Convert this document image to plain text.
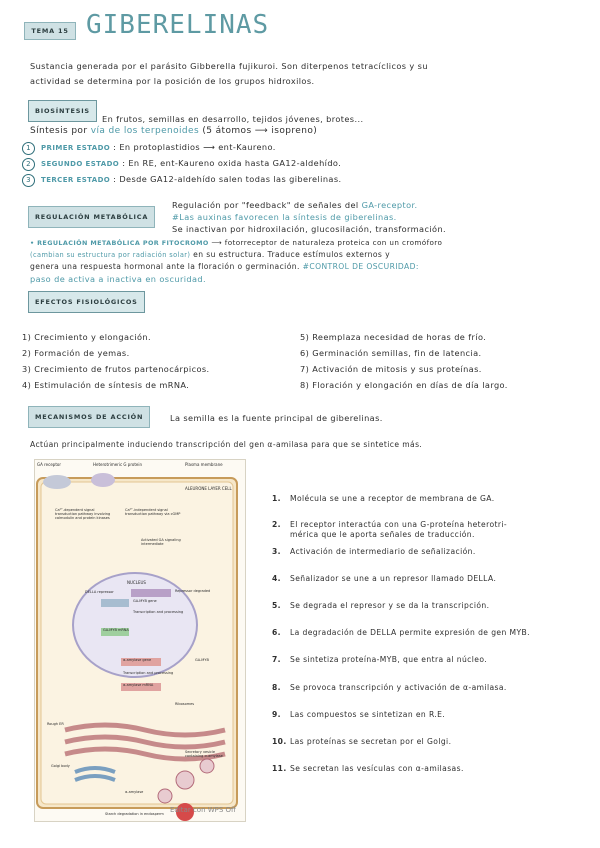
TEMA 15 GIBERELINAS
Sustancia generada por el parásito Gibberella fujikuroi. Son diterpenos tetracíclicos y su
actividad se determina por la posición de los grupos hidroxilos.
BIOSÍNTESIS
En frutos, semillas en desarrollo, tejidos jóvenes, brotes...
Síntesis por vía de los terpenoides (5 átomos ⟶ isopreno)
1 PRIMER ESTADO : En protoplastidios ⟶ ent-Kaureno.
2 SEGUNDO ESTADO : En RE, ent-Kaureno oxida hasta GA12-aldehído.
3 TERCER ESTADO : Desde GA12-aldehído salen todas las giberelinas.
REGULACIÓN METABÓLICA
Regulación por "feedback" de señales del GA-receptor.
#Las auxinas favorecen la síntesis de giberelinas.
Se inactivan por hidroxilación, glucosilación, transformación.
• REGULACIÓN METABÓLICA POR FITOCROMO ⟶ fotorreceptor de naturaleza proteica con un cromóforo
(cambian su estructura por radiación solar) en su estructura. Traduce estímulos externos y
genera una respuesta hormonal ante la floración o germinación. #CONTROL DE OSCURIDAD:
paso de activa a inactiva en oscuridad.
EFECTOS FISIOLÓGICOS
1) Crecimiento y elongación.
2) Formación de yemas.
3) Crecimiento de frutos partenocárpicos.
4) Estimulación de síntesis de mRNA.
5) Reemplaza necesidad de horas de frío.
6) Germinación semillas, fin de latencia.
7) Activación de mitosis y sus proteínas.
8) Floración y elongación en días de día largo.
MECANISMOS DE ACCIÓN	La semilla es la fuente principal de giberelinas.
Actúan principalmente induciendo transcripción del gen α-amilasa para que se sintetice más.
GA receptor	Heterotrimeric G protein	Plasma membrane
ALEURONE LAYER CELL
Ca²⁺-dependent signal transduction pathway involving calmodulin and protein kinases
Ca²⁺-independent signal transduction pathway via cGMP
Activated GA signaling intermediate
NUCLEUS
DELLA repressor	Repressor degraded
GA-MYB gene
Transcription and processing
GA-MYB mRNA
GA-MYB
α-amylase gene
Transcription and processing
α-amylase mRNA
Ribosomes
Rough ER
Golgi body
Secretory vesicle containing α-amylase
α-amylase
Starch degradation in endosperm Editar con WPS Off
1. Molécula se une a receptor de membrana de GA.
2. El receptor interactúa con una G-proteína heterotri-
mérica que le aporta señales de traducción.
3. Activación de intermediario de señalización.
4. Señalizador se une a un represor llamado DELLA.
5. Se degrada el represor y se da la transcripción.
6. La degradación de DELLA permite expresión de gen MYB.
7. Se sintetiza proteína-MYB, que entra al núcleo.
8. Se provoca transcripción y activación de α-amilasa.
9. Las compuestos se sintetizan en R.E.
10. Las proteínas se secretan por el Golgi.
11. Se secretan las vesículas con α-amilasas.
